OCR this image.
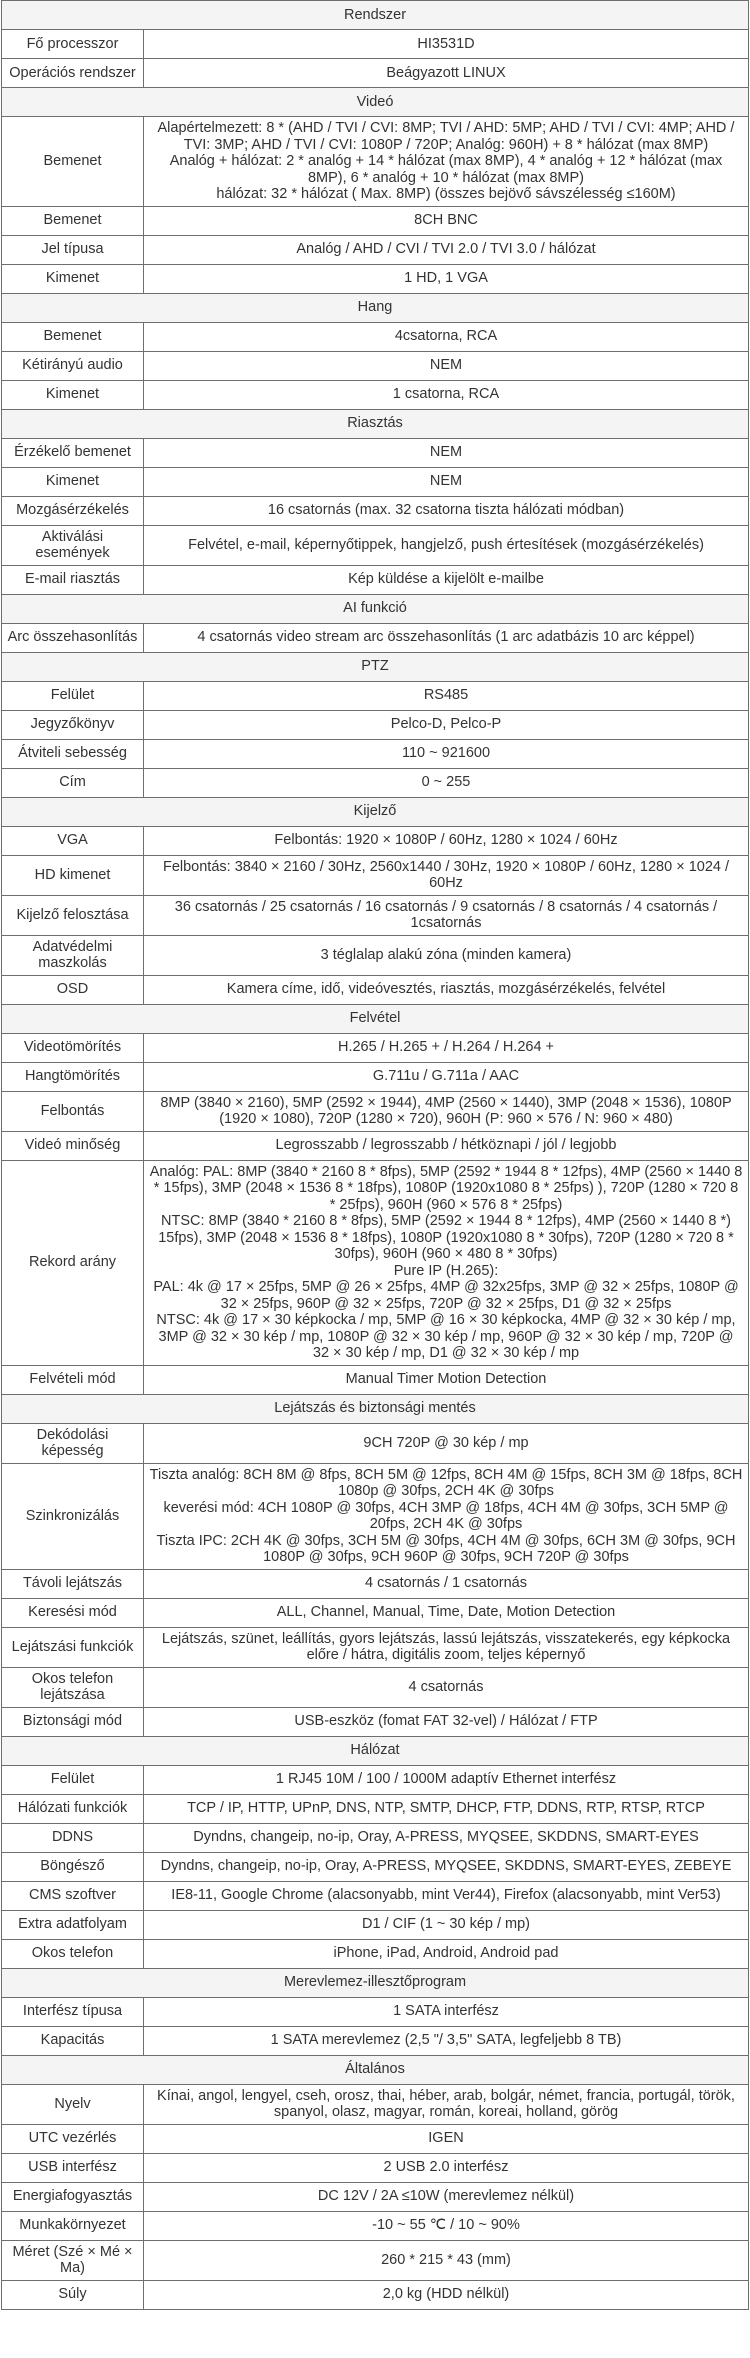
Rendszer	
Fő processzor	HI3531D
Operációs rendszer	Beágyazott LINUX
Videó	
Bemenet	Alapértelmezett: 8 * (AHD / TVI / CVI: 8MP; TVI / AHD: 5MP; AHD / TVI / CVI: 4MP; AHD / TVI: 3MP; AHD / TVI / CVI: 1080P / 720P; Analóg: 960H) + 8 * hálózat (max 8MP)
Analóg + hálózat: 2 * analóg + 14 * hálózat (max 8MP), 4 * analóg + 12 * hálózat (max 8MP), 6 * analóg + 10 * hálózat (max 8MP)
hálózat: 32 * hálózat ( Max. 8MP) (összes bejövő sávszélesség ≤160M)
Bemenet	8CH BNC
Jel típusa	Analóg / AHD / CVI / TVI 2.0 / TVI 3.0 / hálózat
Kimenet	1 HD, 1 VGA
Hang	
Bemenet	4csatorna, RCA
Kétirányú audio	NEM
Kimenet	1 csatorna, RCA
Riasztás	
Érzékelő bemenet	NEM
Kimenet	NEM
Mozgásérzékelés	16 csatornás (max. 32 csatorna tiszta hálózati módban)
Aktiválási események	Felvétel, e-mail, képernyőtippek, hangjelző, push értesítések (mozgásérzékelés)
E-mail riasztás	Kép küldése a kijelölt e-mailbe
AI funkció	
Arc összehasonlítás	4 csatornás video stream arc összehasonlítás (1 arc adatbázis 10 arc képpel)
PTZ	
Felület	RS485
Jegyzőkönyv	Pelco-D, Pelco-P
Átviteli sebesség	110 ~ 921600
Cím	0 ~ 255
Kijelző	
VGA	Felbontás: 1920 × 1080P / 60Hz, 1280 × 1024 / 60Hz
HD kimenet	Felbontás: 3840 × 2160 / 30Hz, 2560x1440 / 30Hz, 1920 × 1080P / 60Hz, 1280 × 1024 / 60Hz
Kijelző felosztása	36 csatornás / 25 csatornás / 16 csatornás / 9 csatornás / 8 csatornás / 4 csatornás / 1csatornás
Adatvédelmi maszkolás	3 téglalap alakú zóna (minden kamera)
OSD	Kamera címe, idő, videóvesztés, riasztás, mozgásérzékelés, felvétel
Felvétel	
Videotömörítés	H.265 / H.265 + / H.264 / H.264 +
Hangtömörítés	G.711u / G.711a / AAC
Felbontás	8MP (3840 × 2160), 5MP (2592 × 1944), 4MP (2560 × 1440), 3MP (2048 × 1536), 1080P (1920 × 1080), 720P (1280 × 720), 960H (P: 960 × 576 / N: 960 × 480)
Videó minőség	Legrosszabb / legrosszabb / hétköznapi / jól / legjobb
Rekord arány	Analóg: PAL: 8MP (3840 * 2160 8 * 8fps), 5MP (2592 * 1944 8 * 12fps), 4MP (2560 × 1440 8 * 15fps), 3MP (2048 × 1536 8 * 18fps), 1080P (1920x1080 8 * 25fps) ), 720P (1280 × 720 8 * 25fps), 960H (960 × 576 8 * 25fps)
NTSC: 8MP (3840 * 2160 8 * 8fps), 5MP (2592 × 1944 8 * 12fps), 4MP (2560 × 1440 8 *) 15fps), 3MP (2048 × 1536 8 * 18fps), 1080P (1920x1080 8 * 30fps), 720P (1280 × 720 8 * 30fps), 960H (960 × 480 8 * 30fps)
Pure IP (H.265):
PAL: 4k @ 17 × 25fps, 5MP @ 26 × 25fps, 4MP @ 32x25fps, 3MP @ 32 × 25fps, 1080P @ 32 × 25fps, 960P @ 32 × 25fps, 720P @ 32 × 25fps, D1 @ 32 × 25fps
NTSC: 4k @ 17 × 30 képkocka / mp, 5MP @ 16 × 30 képkocka, 4MP @ 32 × 30 kép / mp, 3MP @ 32 × 30 kép / mp, 1080P @ 32 × 30 kép / mp, 960P @ 32 × 30 kép / mp, 720P @ 32 × 30 kép / mp, D1 @ 32 × 30 kép / mp
Felvételi mód	Manual Timer Motion Detection
Lejátszás és biztonsági mentés	
Dekódolási képesség	9CH 720P @ 30 kép / mp
Szinkronizálás	Tiszta analóg: 8CH 8M @ 8fps, 8CH 5M @ 12fps, 8CH 4M @ 15fps, 8CH 3M @ 18fps, 8CH 1080p @ 30fps, 2CH 4K @ 30fps
keverési mód: 4CH 1080P @ 30fps, 4CH 3MP @ 18fps, 4CH 4M @ 30fps, 3CH 5MP @ 20fps, 2CH 4K @ 30fps
Tiszta IPC: 2CH 4K @ 30fps, 3CH 5M @ 30fps, 4CH 4M @ 30fps, 6CH 3M @ 30fps, 9CH 1080P @ 30fps, 9CH 960P @ 30fps, 9CH 720P @ 30fps
Távoli lejátszás	4 csatornás / 1 csatornás
Keresési mód	ALL, Channel, Manual, Time, Date, Motion Detection
Lejátszási funkciók	Lejátszás, szünet, leállítás, gyors lejátszás, lassú lejátszás, visszatekerés, egy képkocka előre / hátra, digitális zoom, teljes képernyő
Okos telefon lejátszása	4 csatornás
Biztonsági mód	USB-eszköz (fomat FAT 32-vel) / Hálózat / FTP
Hálózat	
Felület	1 RJ45 10M / 100 / 1000M adaptív Ethernet interfész
Hálózati funkciók	TCP / IP, HTTP, UPnP, DNS, NTP, SMTP, DHCP, FTP, DDNS, RTP, RTSP, RTCP
DDNS	Dyndns, changeip, no-ip, Oray, A-PRESS, MYQSEE, SKDDNS, SMART-EYES
Böngésző	Dyndns, changeip, no-ip, Oray, A-PRESS, MYQSEE, SKDDNS, SMART-EYES, ZEBEYE
CMS szoftver	IE8-11, Google Chrome (alacsonyabb, mint Ver44), Firefox (alacsonyabb, mint Ver53)
Extra adatfolyam	D1 / CIF (1 ~ 30 kép / mp)
Okos telefon	iPhone, iPad, Android, Android pad
Merevlemez-illesztőprogram	
Interfész típusa	1 SATA interfész
Kapacitás	1 SATA merevlemez (2,5 "/ 3,5" SATA, legfeljebb 8 TB)
Általános	
Nyelv	Kínai, angol, lengyel, cseh, orosz, thai, héber, arab, bolgár, német, francia, portugál, török, spanyol, olasz, magyar, román, koreai, holland, görög
UTC vezérlés	IGEN
USB interfész	2 USB 2.0 interfész
Energiafogyasztás	DC 12V / 2A ≤10W (merevlemez nélkül)
Munkakörnyezet	-10 ~ 55 ℃ / 10 ~ 90%
Méret (Szé × Mé × Ma)	260 * 215 * 43 (mm)
Súly	2,0 kg (HDD nélkül)
